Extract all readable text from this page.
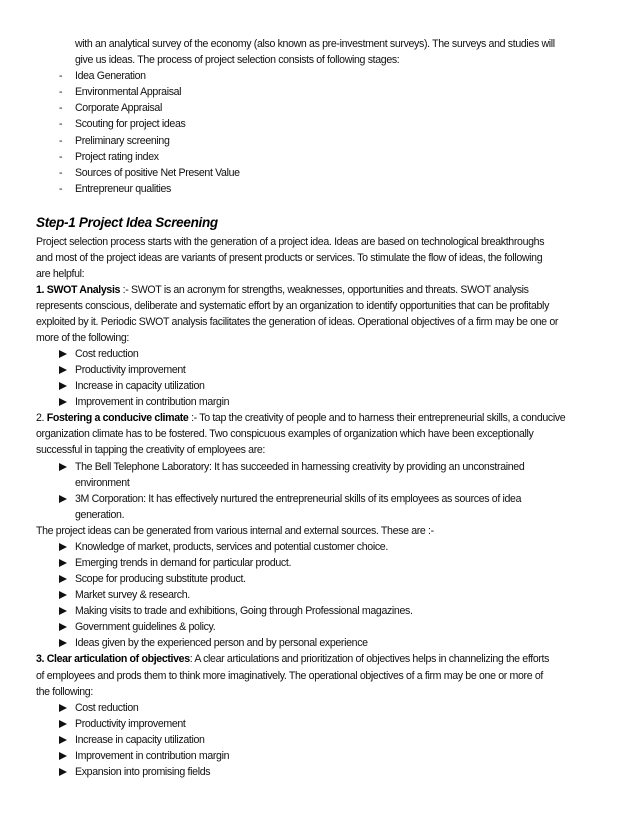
with an analytical survey of the economy (also known as pre-investment surveys). The surveys and studies will
give us ideas. The process of project selection consists of following stages:
-	Idea Generation
-	Environmental Appraisal
-	Corporate Appraisal
-	Scouting for project ideas
-	Preliminary screening
-	Project rating index
-	Sources of positive Net Present Value
-	Entrepreneur qualities
Step-1 Project Idea Screening
Project selection process starts with the generation of a project idea. Ideas are based on technological breakthroughs
and most of the project ideas are variants of present products or services. To stimulate the flow of ideas, the following
are helpful:
1. SWOT Analysis :- SWOT is an acronym for strengths, weaknesses, opportunities and threats. SWOT analysis
represents conscious, deliberate and systematic effort by an organization to identify opportunities that can be profitably
exploited by it. Periodic SWOT analysis facilitates the generation of ideas. Operational objectives of a firm may be one or
more of the following:
Cost reduction
Productivity improvement
Increase in capacity utilization
Improvement in contribution margin
2. Fostering a conducive climate :- To tap the creativity of people and to harness their entrepreneurial skills, a conducive
organization climate has to be fostered. Two conspicuous examples of organization which have been exceptionally
successful in tapping the creativity of employees are:
The Bell Telephone Laboratory: It has succeeded in harnessing creativity by providing an unconstrained
environment
3M Corporation: It has effectively nurtured the entrepreneurial skills of its employees as sources of idea
generation.
The project ideas can be generated from various internal and external sources. These are :-
Knowledge of market, products, services and potential customer choice.
Emerging trends in demand for particular product.
Scope for producing substitute product.
Market survey & research.
Making visits to trade and exhibitions, Going through Professional magazines.
Government guidelines & policy.
Ideas given by the experienced person and by personal experience
3. Clear articulation of objectives: A clear articulations and prioritization of objectives helps in channelizing the efforts
of employees and prods them to think more imaginatively. The operational objectives of a firm may be one or more of
the following:
Cost reduction
Productivity improvement
Increase in capacity utilization
Improvement in contribution margin
Expansion into promising fields
